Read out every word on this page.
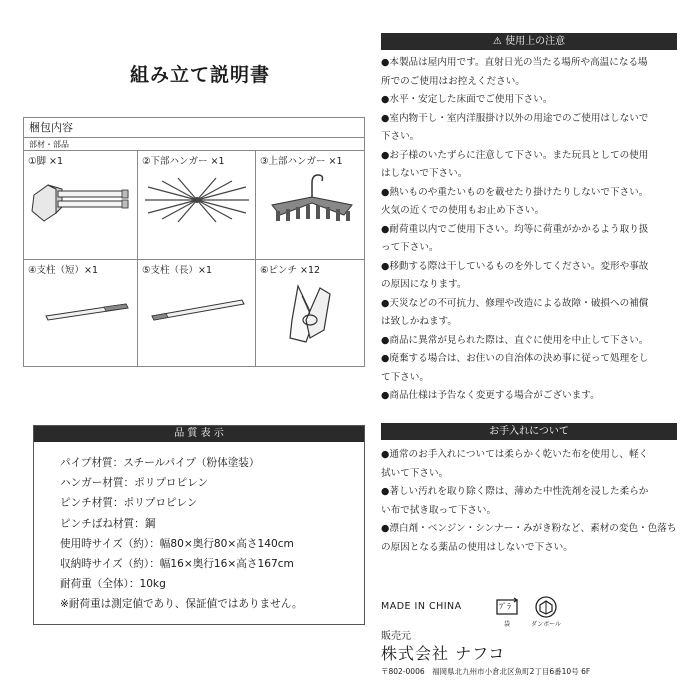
組み立て説明書
梱包内容
部材・部品
①脚 ×1	②下部ハンガー ×1	③上部ハンガー ×1
④支柱（短）×1	⑤支柱（長）×1	⑥ピンチ ×12
品 質 表 示
パイプ材質：スチールパイプ（粉体塗装）
ハンガー材質：ポリプロピレン
ピンチ材質：ポリプロピレン
ピンチばね材質：鋼
使用時サイズ（約）：幅80×奥行80×高さ140cm
収納時サイズ（約）：幅16×奥行16×高さ167cm
耐荷重（全体）：10kg
※耐荷重は測定値であり、保証値ではありません。
⚠ 使用上の注意

●本製品は屋内用です。直射日光の当たる場所や高温になる場

所でのご使用はお控えください。

●水平・安定した床面でご使用下さい。

●室内物干し・室内洋服掛け以外の用途でのご使用はしないで

下さい。

●お子様のいたずらに注意して下さい。また玩具としての使用

はしないで下さい。

●熱いものや重たいものを載せたり掛けたりしないで下さい。

火気の近くでの使用もお止め下さい。

●耐荷重以内でご使用下さい。均等に荷重がかかるよう取り扱

って下さい。

●移動する際は干しているものを外してください。変形や事故

の原因になります。

●天災などの不可抗力、修理や改造による故障・破損への補償

は致しかねます。

●商品に異常が見られた際は、直ぐに使用を中止して下さい。

●廃棄する場合は、お住いの自治体の決め事に従って処理をし

て下さい。

●商品仕様は予告なく変更する場合がございます。

お手入れについて

●通常のお手入れについては柔らかく乾いた布を使用し、軽く

拭いて下さい。

●著しい汚れを取り除く際は、薄めた中性洗剤を浸した柔らか

い布で拭き取って下さい。

●漂白剤・ベンジン・シンナー・みがき粉など、素材の変色・色落ち

の原因となる薬品の使用はしないで下さい。

MADE IN CHINA	ﾌﾟﾗ
袋	ダンボール
販売元
株式会社 ナフコ
〒802-0006　福岡県北九州市小倉北区魚町2丁目6番10号 6F
